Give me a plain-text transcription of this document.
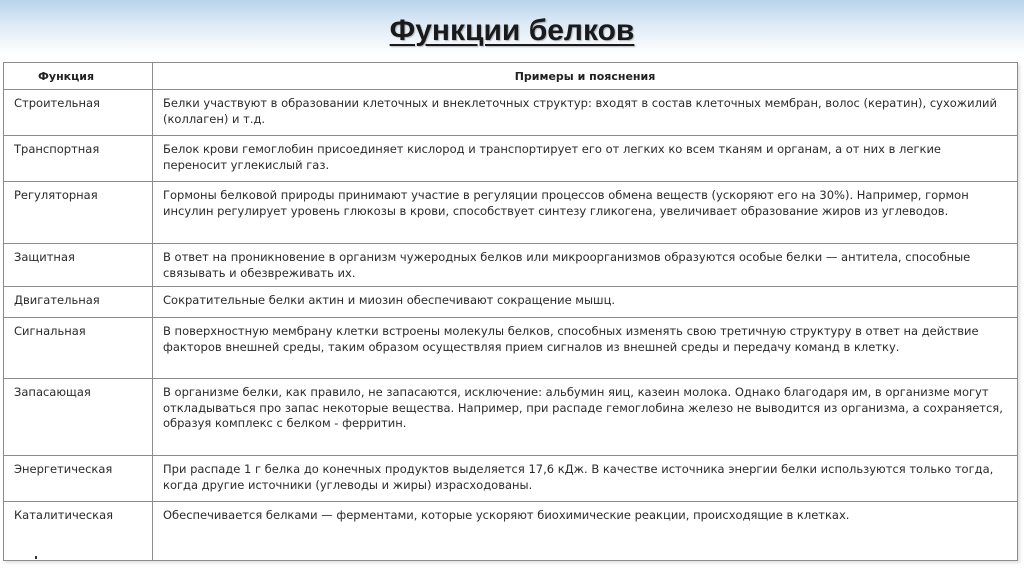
Функции белков
Функция	Примеры и пояснения
Строительная	Белки участвуют в образовании клеточных и внеклеточных структур: входят в состав клеточных мембран, волос (кератин), сухожилий (коллаген) и т.д.
Транспортная	Белок крови гемоглобин присоединяет кислород и транспортирует его от легких ко всем тканям и органам, а от них в легкие переносит углекислый газ.
Регуляторная	Гормоны белковой природы принимают участие в регуляции процессов обмена веществ (ускоряют его на 30%). Например, гормон инсулин регулирует уровень глюкозы в крови, способствует синтезу гликогена, увеличивает образование жиров из углеводов.
Защитная	В ответ на проникновение в организм чужеродных белков или микроорганизмов образуются особые белки — антитела, способные связывать и обезвреживать их.
Двигательная	Сократительные белки актин и миозин обеспечивают сокращение мышц.
Сигнальная	В поверхностную мембрану клетки встроены молекулы белков, способных изменять свою третичную структуру в ответ на действие факторов внешней среды, таким образом осуществляя прием сигналов из внешней среды и передачу команд в клетку.
Запасающая	В организме белки, как правило, не запасаются, исключение: альбумин яиц, казеин молока. Однако благодаря им, в организме могут откладываться про запас некоторые вещества. Например, при распаде гемоглобина железо не выводится из организма, а сохраняется, образуя комплекс с белком - ферритин.
Энергетическая	При распаде 1 г белка до конечных продуктов выделяется 17,6 кДж. В качестве источника энергии белки используются только тогда, когда другие источники (углеводы и жиры) израсходованы.
Каталитическая	Обеспечивается белками — ферментами, которые ускоряют биохимические реакции, происходящие в клетках.
